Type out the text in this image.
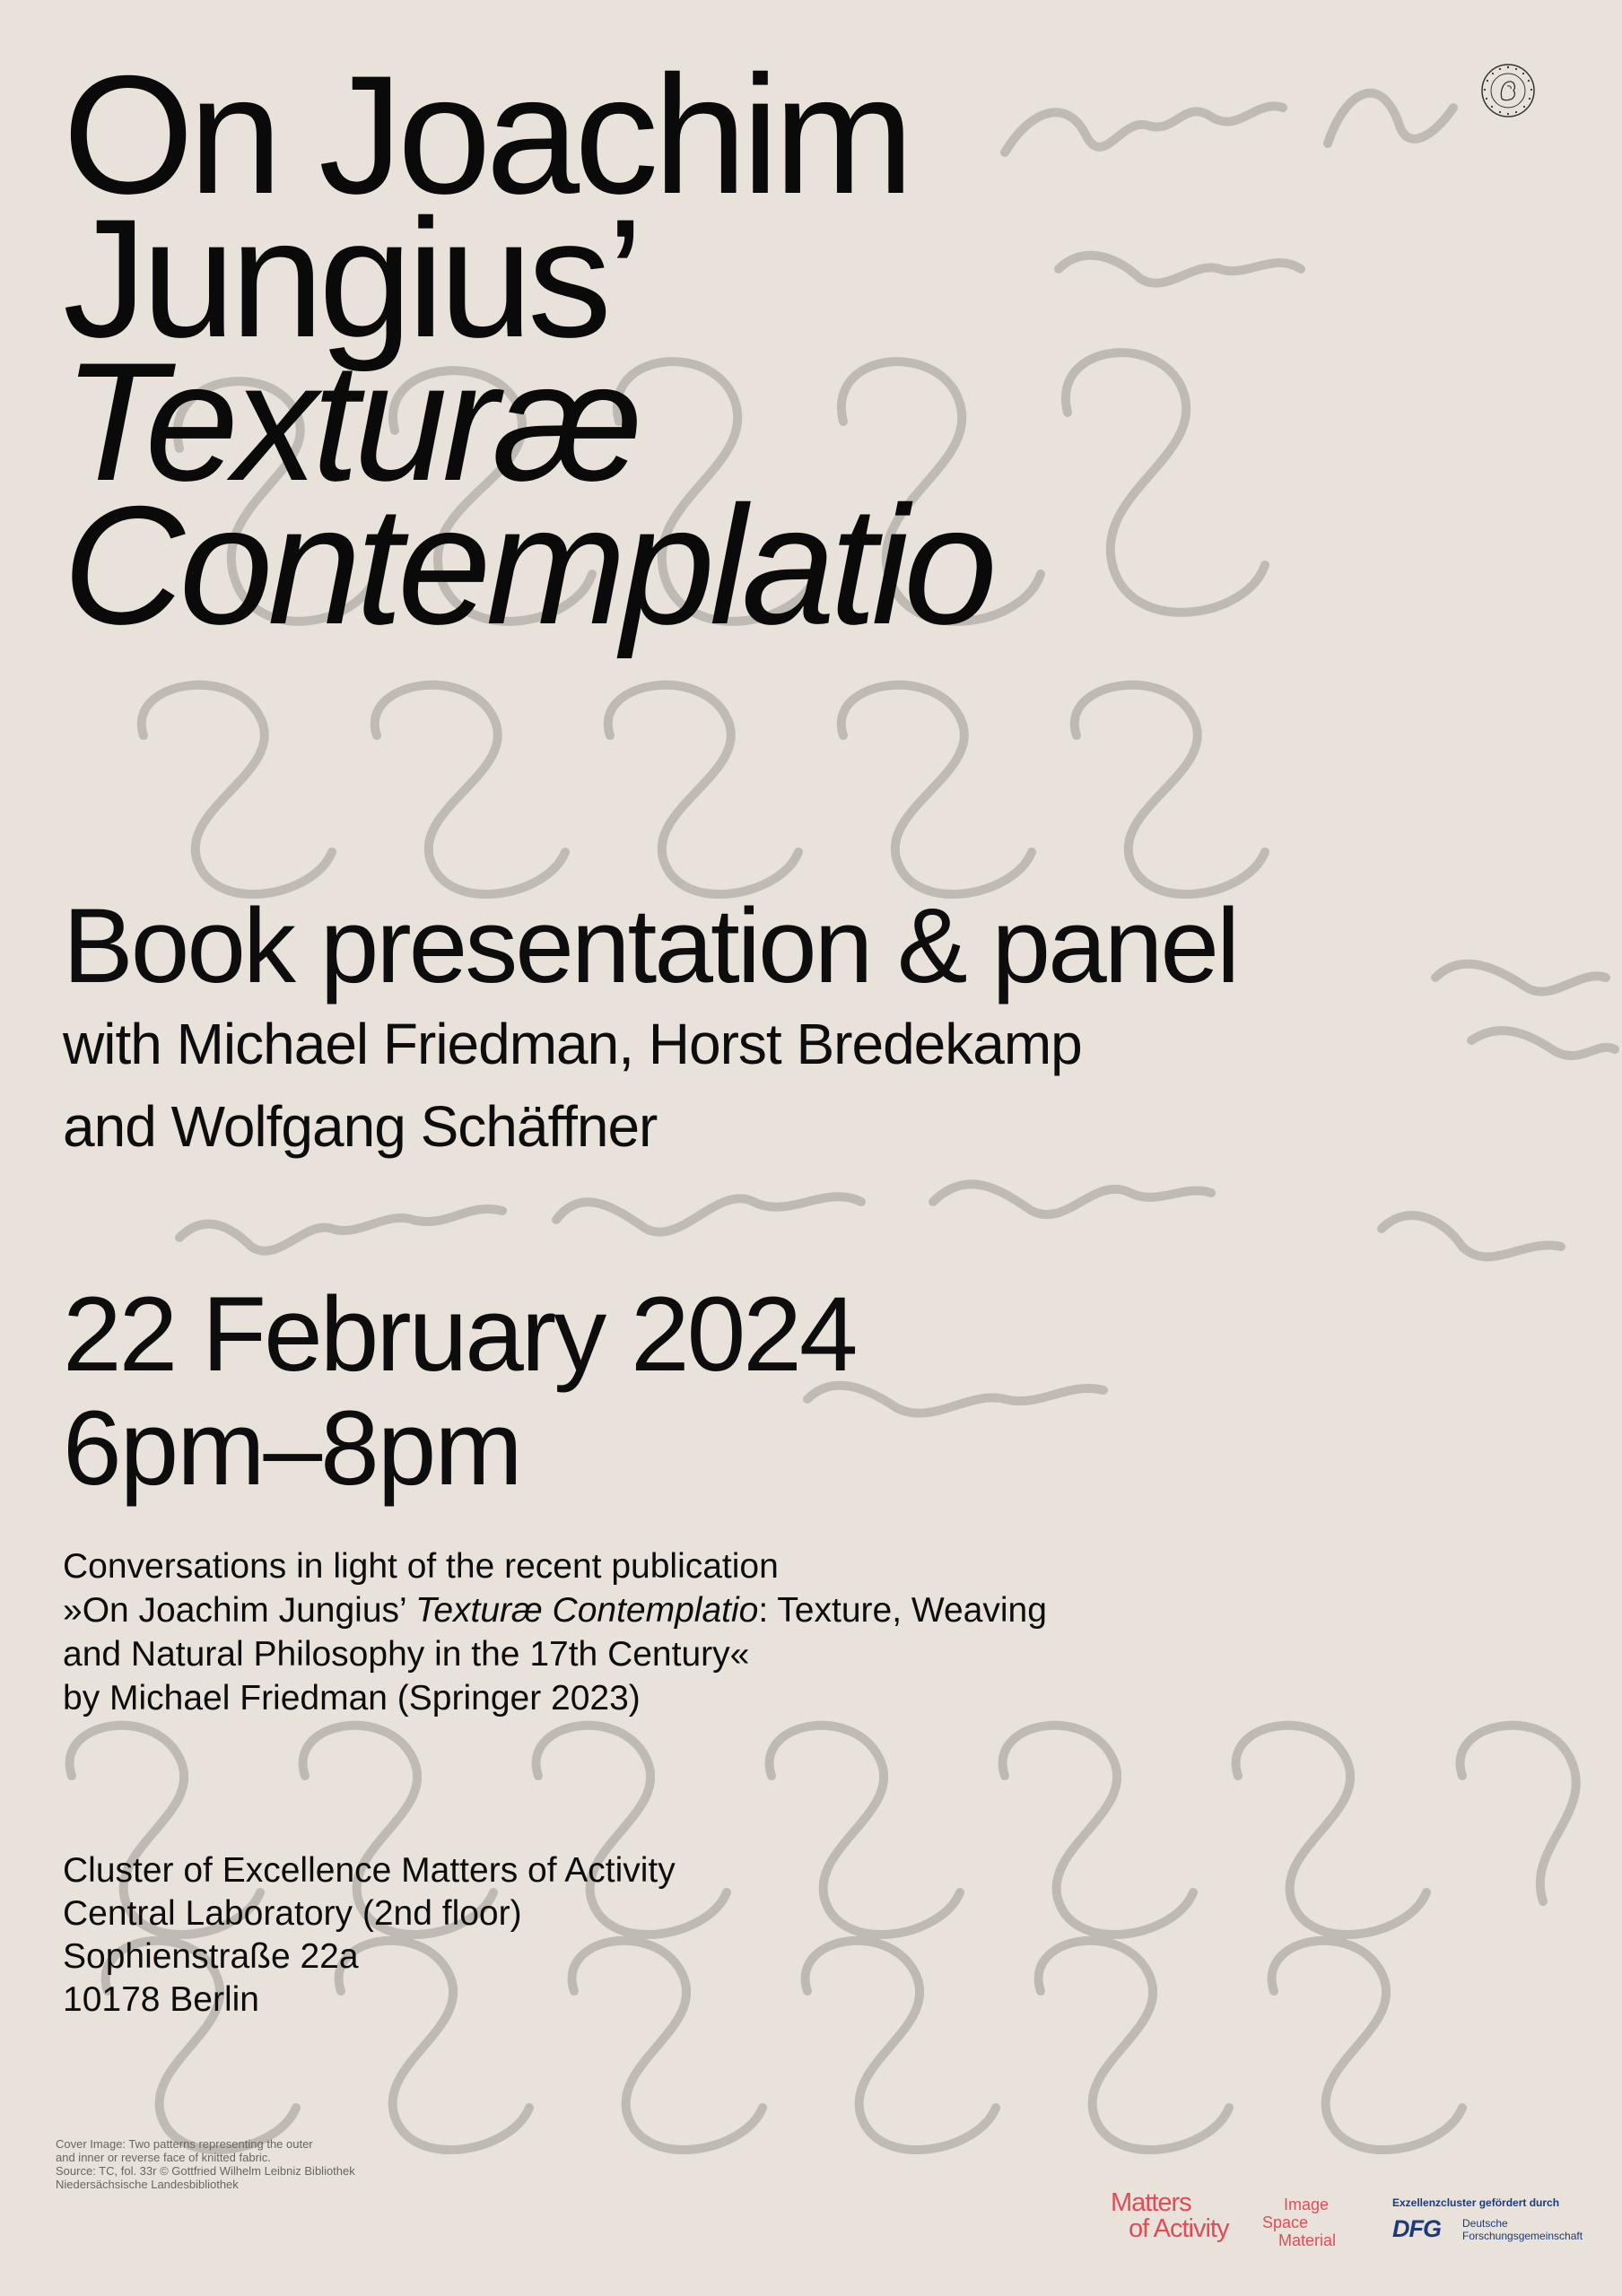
On Joachim
Jungius’
Texturæ
Contemplatio
Book presentation & panel
with Michael Friedman, Horst Bredekamp
and Wolfgang Schäffner
22 February 2024
6pm–8pm
Conversations in light of the recent publication
»On Joachim Jungius’ Texturæ Contemplatio: Texture, Weaving
and Natural Philosophy in the 17th Century«
by Michael Friedman (Springer 2023)
Cluster of Excellence Matters of Activity
Central Laboratory (2nd floor)
Sophienstraße 22a
10178 Berlin
Cover Image: Two patterns representing the outer
and inner or reverse face of knitted fabric.
Source: TC, fol. 33r © Gottfried Wilhelm Leibniz Bibliothek
Niedersächsische Landesbibliothek
Matters
of Activity
Image
Space
Material
Exzellenzcluster gefördert durch
DFG Deutsche
Forschungsgemeinschaft
